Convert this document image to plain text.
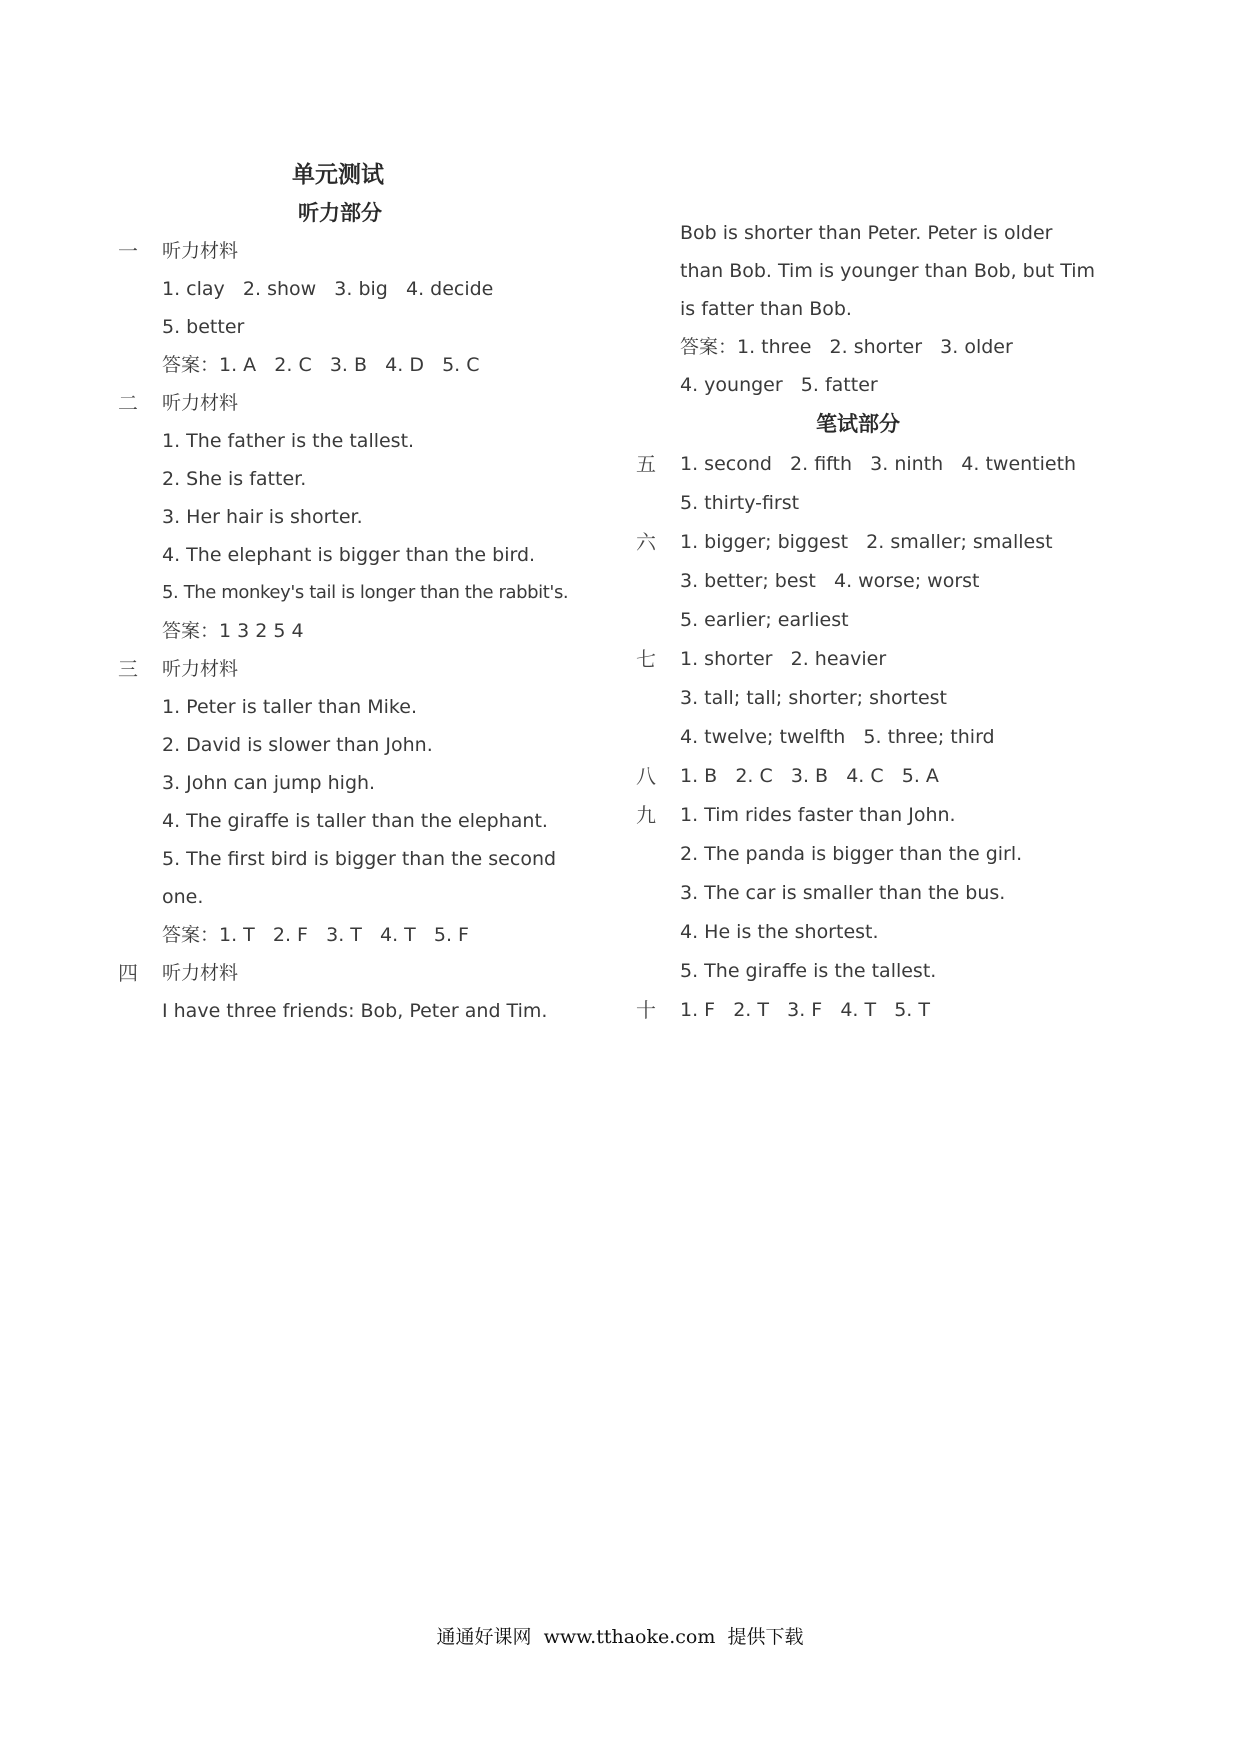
单元测试
听力部分
一 听力材料
1. clay   2. show   3. big   4. decide
5. better
答案：1. A   2. C   3. B   4. D   5. C
二 听力材料
1. The father is the tallest.
2. She is fatter.
3. Her hair is shorter.
4. The elephant is bigger than the bird.
5. The monkey's tail is longer than the rabbit's.
答案：1 3 2 5 4
三 听力材料
1. Peter is taller than Mike.
2. David is slower than John.
3. John can jump high.
4. The giraffe is taller than the elephant.
5. The first bird is bigger than the second
one.
答案：1. T   2. F   3. T   4. T   5. F
四 听力材料
I have three friends: Bob, Peter and Tim.
Bob is shorter than Peter. Peter is older
than Bob. Tim is younger than Bob, but Tim
is fatter than Bob.
答案：1. three   2. shorter   3. older
4. younger   5. fatter
笔试部分
五 1. second   2. fifth   3. ninth   4. twentieth
5. thirty-first
六 1. bigger; biggest   2. smaller; smallest
3. better; best   4. worse; worst
5. earlier; earliest
七 1. shorter   2. heavier
3. tall; tall; shorter; shortest
4. twelve; twelfth   5. three; third
八 1. B   2. C   3. B   4. C   5. A
九 1. Tim rides faster than John.
2. The panda is bigger than the girl.
3. The car is smaller than the bus.
4. He is the shortest.
5. The giraffe is the tallest.
十 1. F   2. T   3. F   4. T   5. T
通通好课网  www.tthaoke.com  提供下载
